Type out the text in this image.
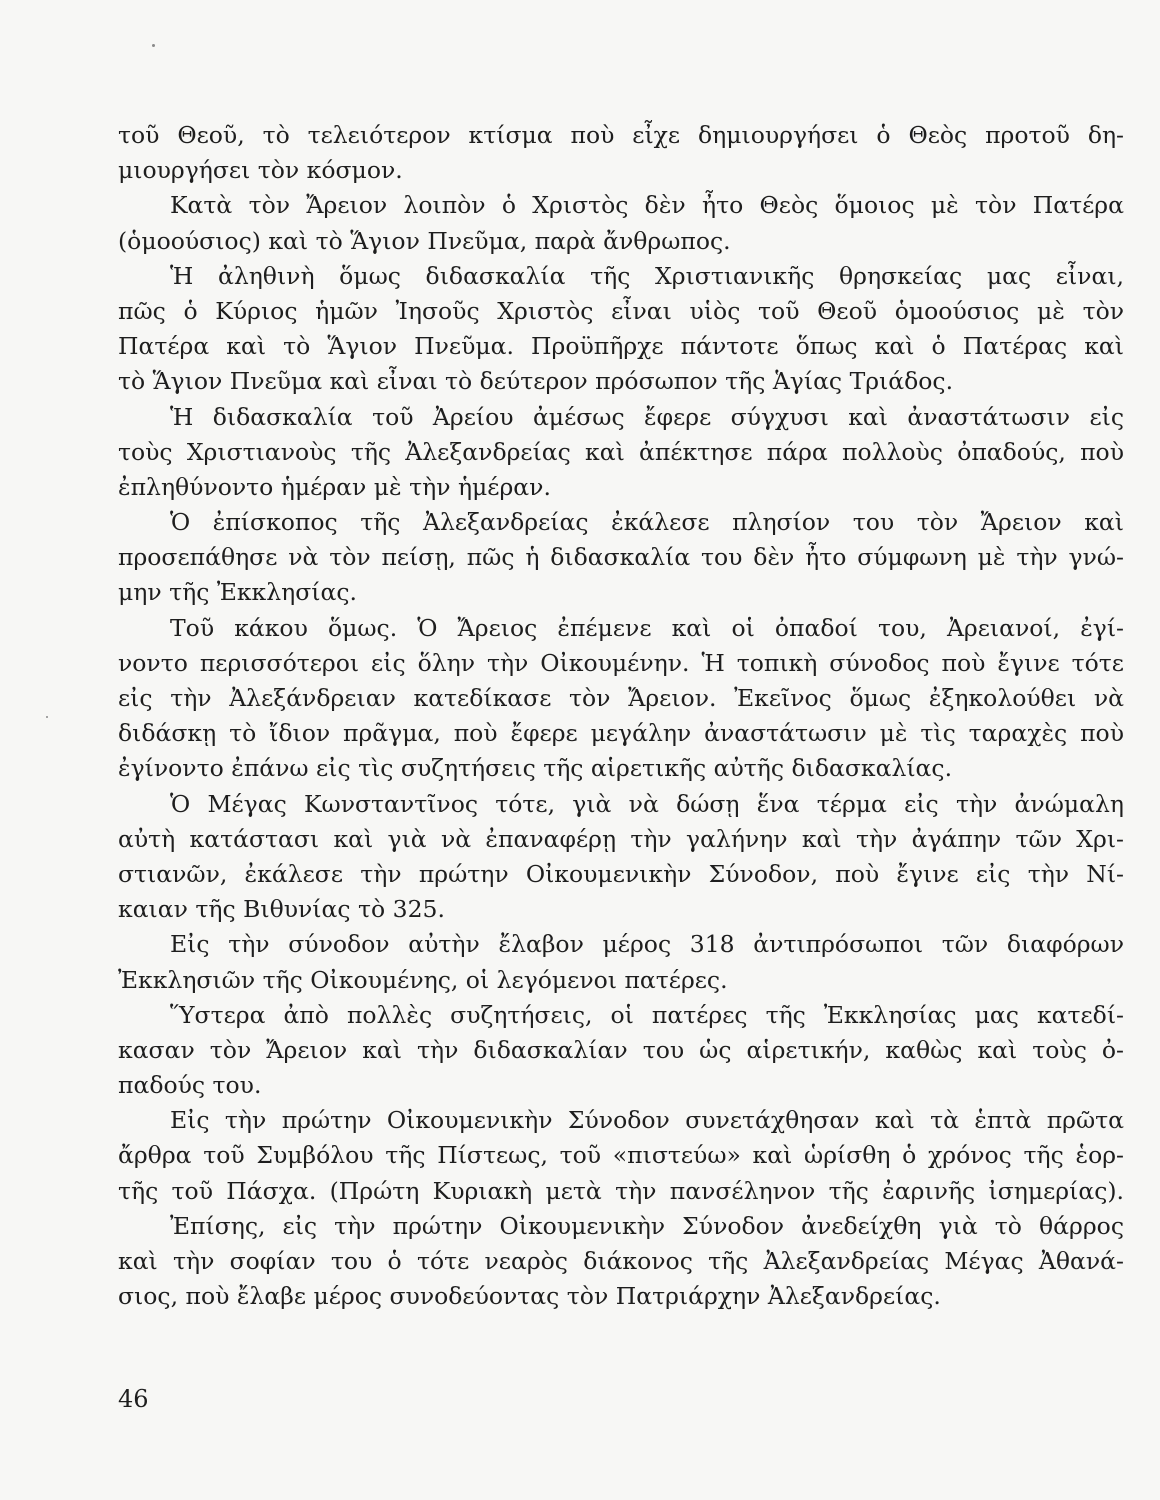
τοῦ Θεοῦ, τὸ τελειότερον κτίσμα ποὺ εἶχε δημιουργήσει ὁ Θεὸς προτοῦ δη-
μιουργήσει τὸν κόσμον.
Κατὰ τὸν Ἄρειον λοιπὸν ὁ Χριστὸς δὲν ἦτο Θεὸς ὅμοιος μὲ τὸν Πατέρα
(ὁμοούσιος) καὶ τὸ Ἅγιον Πνεῦμα, παρὰ ἄνθρωπος.
Ἡ ἀληθινὴ ὅμως διδασκαλία τῆς Χριστιανικῆς θρησκείας μας εἶναι,
πῶς ὁ Κύριος ἡμῶν Ἰησοῦς Χριστὸς εἶναι υἱὸς τοῦ Θεοῦ ὁμοούσιος μὲ τὸν
Πατέρα καὶ τὸ Ἅγιον Πνεῦμα. Προϋπῆρχε πάντοτε ὅπως καὶ ὁ Πατέρας καὶ
τὸ Ἅγιον Πνεῦμα καὶ εἶναι τὸ δεύτερον πρόσωπον τῆς Ἁγίας Τριάδος.
Ἡ διδασκαλία τοῦ Ἀρείου ἀμέσως ἔφερε σύγχυσι καὶ ἀναστάτωσιν εἰς
τοὺς Χριστιανοὺς τῆς Ἀλεξανδρείας καὶ ἀπέκτησε πάρα πολλοὺς ὀπαδούς, ποὺ
ἐπληθύνοντο ἡμέραν μὲ τὴν ἡμέραν.
Ὁ ἐπίσκοπος τῆς Ἀλεξανδρείας ἐκάλεσε πλησίον του τὸν Ἄρειον καὶ
προσεπάθησε νὰ τὸν πείσῃ, πῶς ἡ διδασκαλία του δὲν ἦτο σύμφωνη μὲ τὴν γνώ-
μην τῆς Ἐκκλησίας.
Τοῦ κάκου ὅμως. Ὁ Ἄρειος ἐπέμενε καὶ οἱ ὀπαδοί του, Ἀρειανοί, ἐγί-
νοντο περισσότεροι εἰς ὅλην τὴν Οἰκουμένην. Ἡ τοπικὴ σύνοδος ποὺ ἔγινε τότε
εἰς τὴν Ἀλεξάνδρειαν κατεδίκασε τὸν Ἄρειον. Ἐκεῖνος ὅμως ἐξηκολούθει νὰ
διδάσκῃ τὸ ἴδιον πρᾶγμα, ποὺ ἔφερε μεγάλην ἀναστάτωσιν μὲ τὶς ταραχὲς ποὺ
ἐγίνοντο ἐπάνω εἰς τὶς συζητήσεις τῆς αἱρετικῆς αὐτῆς διδασκαλίας.
Ὁ Μέγας Κωνσταντῖνος τότε, γιὰ νὰ δώσῃ ἕνα τέρμα εἰς τὴν ἀνώμαλη
αὐτὴ κατάστασι καὶ γιὰ νὰ ἐπαναφέρῃ τὴν γαλήνην καὶ τὴν ἀγάπην τῶν Χρι-
στιανῶν, ἐκάλεσε τὴν πρώτην Οἰκουμενικὴν Σύνοδον, ποὺ ἔγινε εἰς τὴν Νί-
καιαν τῆς Βιθυνίας τὸ 325.
Εἰς τὴν σύνοδον αὐτὴν ἔλαβον μέρος 318 ἀντιπρόσωποι τῶν διαφόρων
Ἐκκλησιῶν τῆς Οἰκουμένης, οἱ λεγόμενοι πατέρες.
Ὕστερα ἀπὸ πολλὲς συζητήσεις, οἱ πατέρες τῆς Ἐκκλησίας μας κατεδί-
κασαν τὸν Ἄρειον καὶ τὴν διδασκαλίαν του ὡς αἱρετικήν, καθὼς καὶ τοὺς ὀ-
παδούς του.
Εἰς τὴν πρώτην Οἰκουμενικὴν Σύνοδον συνετάχθησαν καὶ τὰ ἑπτὰ πρῶτα
ἄρθρα τοῦ Συμβόλου τῆς Πίστεως, τοῦ «πιστεύω» καὶ ὡρίσθη ὁ χρόνος τῆς ἑορ-
τῆς τοῦ Πάσχα. (Πρώτη Κυριακὴ μετὰ τὴν πανσέληνον τῆς ἐαρινῆς ἰσημερίας).
Ἐπίσης, εἰς τὴν πρώτην Οἰκουμενικὴν Σύνοδον ἀνεδείχθη γιὰ τὸ θάρρος
καὶ τὴν σοφίαν του ὁ τότε νεαρὸς διάκονος τῆς Ἀλεξανδρείας Μέγας Ἀθανά-
σιος, ποὺ ἔλαβε μέρος συνοδεύοντας τὸν Πατριάρχην Ἀλεξανδρείας.
46
